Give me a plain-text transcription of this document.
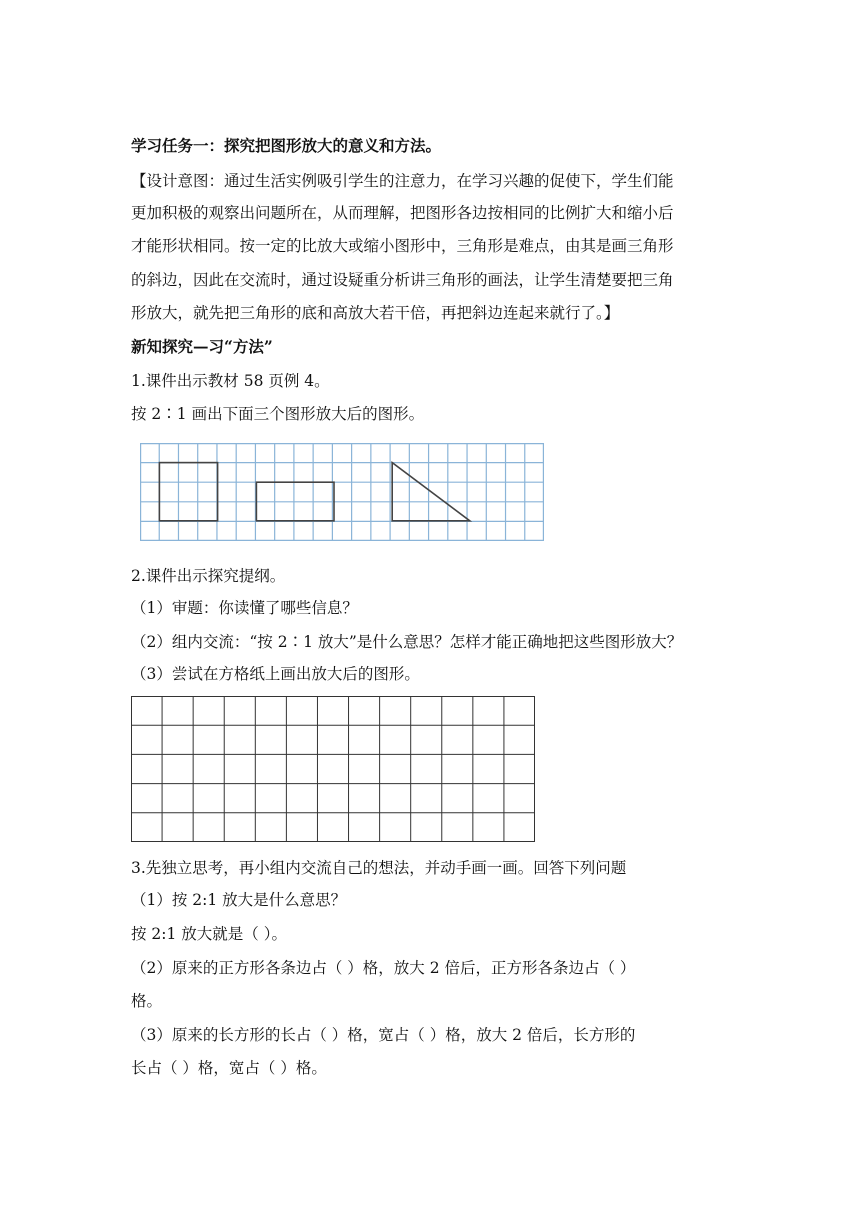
学习任务一：探究把图形放大的意义和方法。
【设计意图：通过生活实例吸引学生的注意力，在学习兴趣的促使下，学生们能
更加积极的观察出问题所在，从而理解，把图形各边按相同的比例扩大和缩小后
才能形状相同。按一定的比放大或缩小图形中，三角形是难点，由其是画三角形
的斜边，因此在交流时，通过设疑重分析讲三角形的画法，让学生清楚要把三角
形放大，就先把三角形的底和高放大若干倍，再把斜边连起来就行了。】
新知探究—习“方法”
1.课件出示教材 58 页例 4。
按 2∶1 画出下面三个图形放大后的图形。
2.课件出示探究提纲。
（1）审题：你读懂了哪些信息？
（2）组内交流：“按 2∶1 放大”是什么意思？怎样才能正确地把这些图形放大？
（3）尝试在方格纸上画出放大后的图形。
3.先独立思考，再小组内交流自己的想法，并动手画一画。回答下列问题
（1）按 2:1 放大是什么意思？
按 2:1 放大就是（ ）。
（2）原来的正方形各条边占（ ）格，放大 2 倍后，正方形各条边占（ ）
格。
（3）原来的长方形的长占（ ）格，宽占（ ）格，放大 2 倍后，长方形的
长占（ ）格，宽占（ ）格。
